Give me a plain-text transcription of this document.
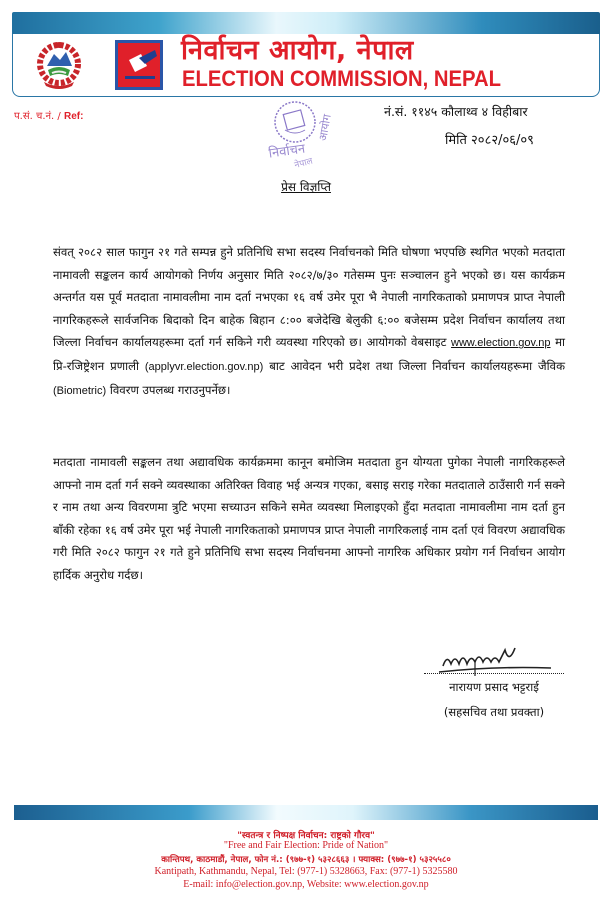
निर्वाचन आयोग, नेपाल
ELECTION COMMISSION, NEPAL
प.सं. च.नं. / Ref:
निर्वाचन
आयोग
नेपाल
नं.सं. ११४५ कौलाथ्व ४ विहीबार
मिति २०८२/०६/०९
प्रेस विज्ञप्ति
संवत् २०८२ साल फागुन २१ गते सम्पन्न हुने प्रतिनिधि सभा सदस्य निर्वाचनको मिति घोषणा भएपछि स्थगित भएको मतदाता नामावली सङ्कलन कार्य आयोगको निर्णय अनुसार मिति २०८२/७/३० गतेसम्म पुनः सञ्चालन हुने भएको छ। यस कार्यक्रम अन्तर्गत यस पूर्व मतदाता नामावलीमा नाम दर्ता नभएका १६ वर्ष उमेर पूरा भै नेपाली नागरिकताको प्रमाणपत्र प्राप्त नेपाली नागरिकहरूले सार्वजनिक बिदाको दिन बाहेक बिहान ८:०० बजेदेखि बेलुकी ६:०० बजेसम्म प्रदेश निर्वाचन कार्यालय तथा जिल्ला निर्वाचन कार्यालयहरूमा दर्ता गर्न सकिने गरी व्यवस्था गरिएको छ। आयोगको वेबसाइट www.election.gov.np मा प्रि-रजिष्ट्रेशन प्रणाली (applyvr.election.gov.np) बाट आवेदन भरी प्रदेश तथा जिल्ला निर्वाचन कार्यालयहरूमा जैविक (Biometric) विवरण उपलब्ध गराउनुपर्नेछ।
मतदाता नामावली सङ्कलन तथा अद्यावधिक कार्यक्रममा कानून बमोजिम मतदाता हुन योग्यता पुगेका नेपाली नागरिकहरूले आफ्नो नाम दर्ता गर्न सक्ने व्यवस्थाका अतिरिक्त विवाह भई अन्यत्र गएका, बसाइ सराइ गरेका मतदाताले ठाउँसारी गर्न सक्ने र नाम तथा अन्य विवरणमा त्रुटि भएमा सच्याउन सकिने समेत व्यवस्था मिलाइएको हुँदा मतदाता नामावलीमा नाम दर्ता हुन बाँकी रहेका १६ वर्ष उमेर पूरा भई नेपाली नागरिकताको प्रमाणपत्र प्राप्त नेपाली नागरिकलाई नाम दर्ता एवं विवरण अद्यावधिक गरी मिति २०८२ फागुन २१ गते हुने प्रतिनिधि सभा सदस्य निर्वाचनमा आफ्नो नागरिक अधिकार प्रयोग गर्न निर्वाचन आयोग हार्दिक अनुरोध गर्दछ।
नारायण प्रसाद भट्टराई
(सहसचिव तथा प्रवक्ता)
"स्वतन्त्र र निष्पक्ष निर्वाचन: राष्ट्रको गौरव"
"Free and Fair Election: Pride of Nation"
कान्तिपथ, काठमाडौं, नेपाल, फोन नं.: (९७७-१) ५३२८६६३ । फ्याक्स: (९७७-१) ५३२५५८०
Kantipath, Kathmandu, Nepal, Tel: (977-1) 5328663, Fax: (977-1) 5325580
E-mail: info@election.gov.np, Website: www.election.gov.np
